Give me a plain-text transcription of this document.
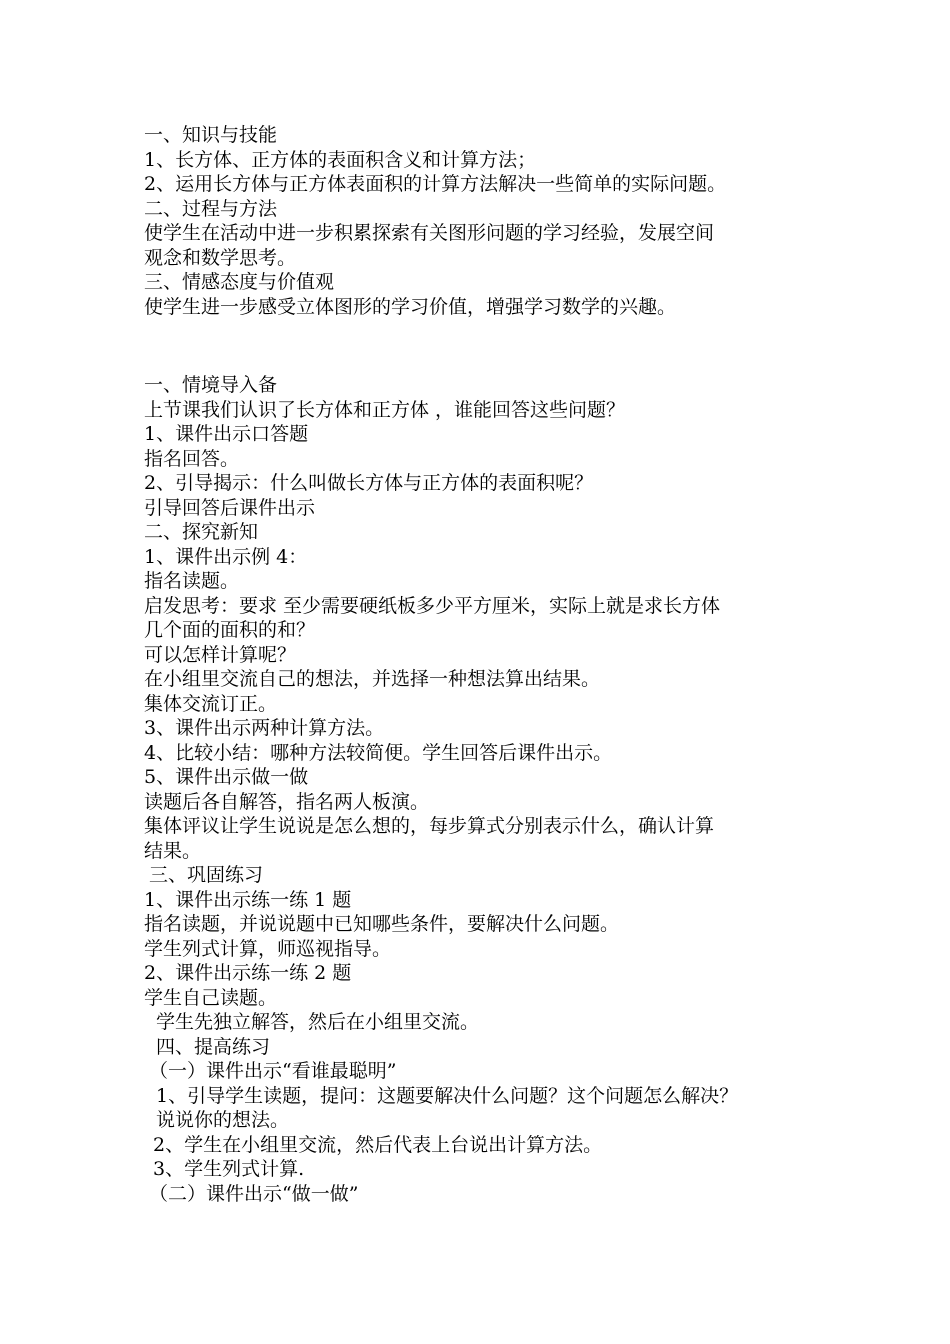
一、知识与技能
1、长方体、正方体的表面积含义和计算方法；
2、运用长方体与正方体表面积的计算方法解决一些简单的实际问题。
二、过程与方法
使学生在活动中进一步积累探索有关图形问题的学习经验，发展空间
观念和数学思考。
三、情感态度与价值观
使学生进一步感受立体图形的学习价值，增强学习数学的兴趣。
一、情境导入备
上节课我们认识了长方体和正方体 ，谁能回答这些问题？
1、课件出示口答题
指名回答。
2、引导揭示：什么叫做长方体与正方体的表面积呢？
引导回答后课件出示
二、探究新知
1、课件出示例 4：
指名读题。
启发思考：要求 至少需要硬纸板多少平方厘米，实际上就是求长方体
几个面的面积的和？
可以怎样计算呢？
在小组里交流自己的想法，并选择一种想法算出结果。
集体交流订正。
3、课件出示两种计算方法。
4、比较小结：哪种方法较简便。学生回答后课件出示。
5、课件出示做一做
读题后各自解答，指名两人板演。
集体评议让学生说说是怎么想的，每步算式分别表示什么，确认计算
结果。
三、巩固练习
1、课件出示练一练 1 题
指名读题，并说说题中已知哪些条件，要解决什么问题。
学生列式计算，师巡视指导。
2、课件出示练一练 2 题
学生自己读题。
学生先独立解答，然后在小组里交流。
四、提高练习
（一）课件出示“看谁最聪明”
1、引导学生读题，提问：这题要解决什么问题？这个问题怎么解决？
说说你的想法。
2、学生在小组里交流，然后代表上台说出计算方法。
3、学生列式计算.
（二）课件出示“做一做”
